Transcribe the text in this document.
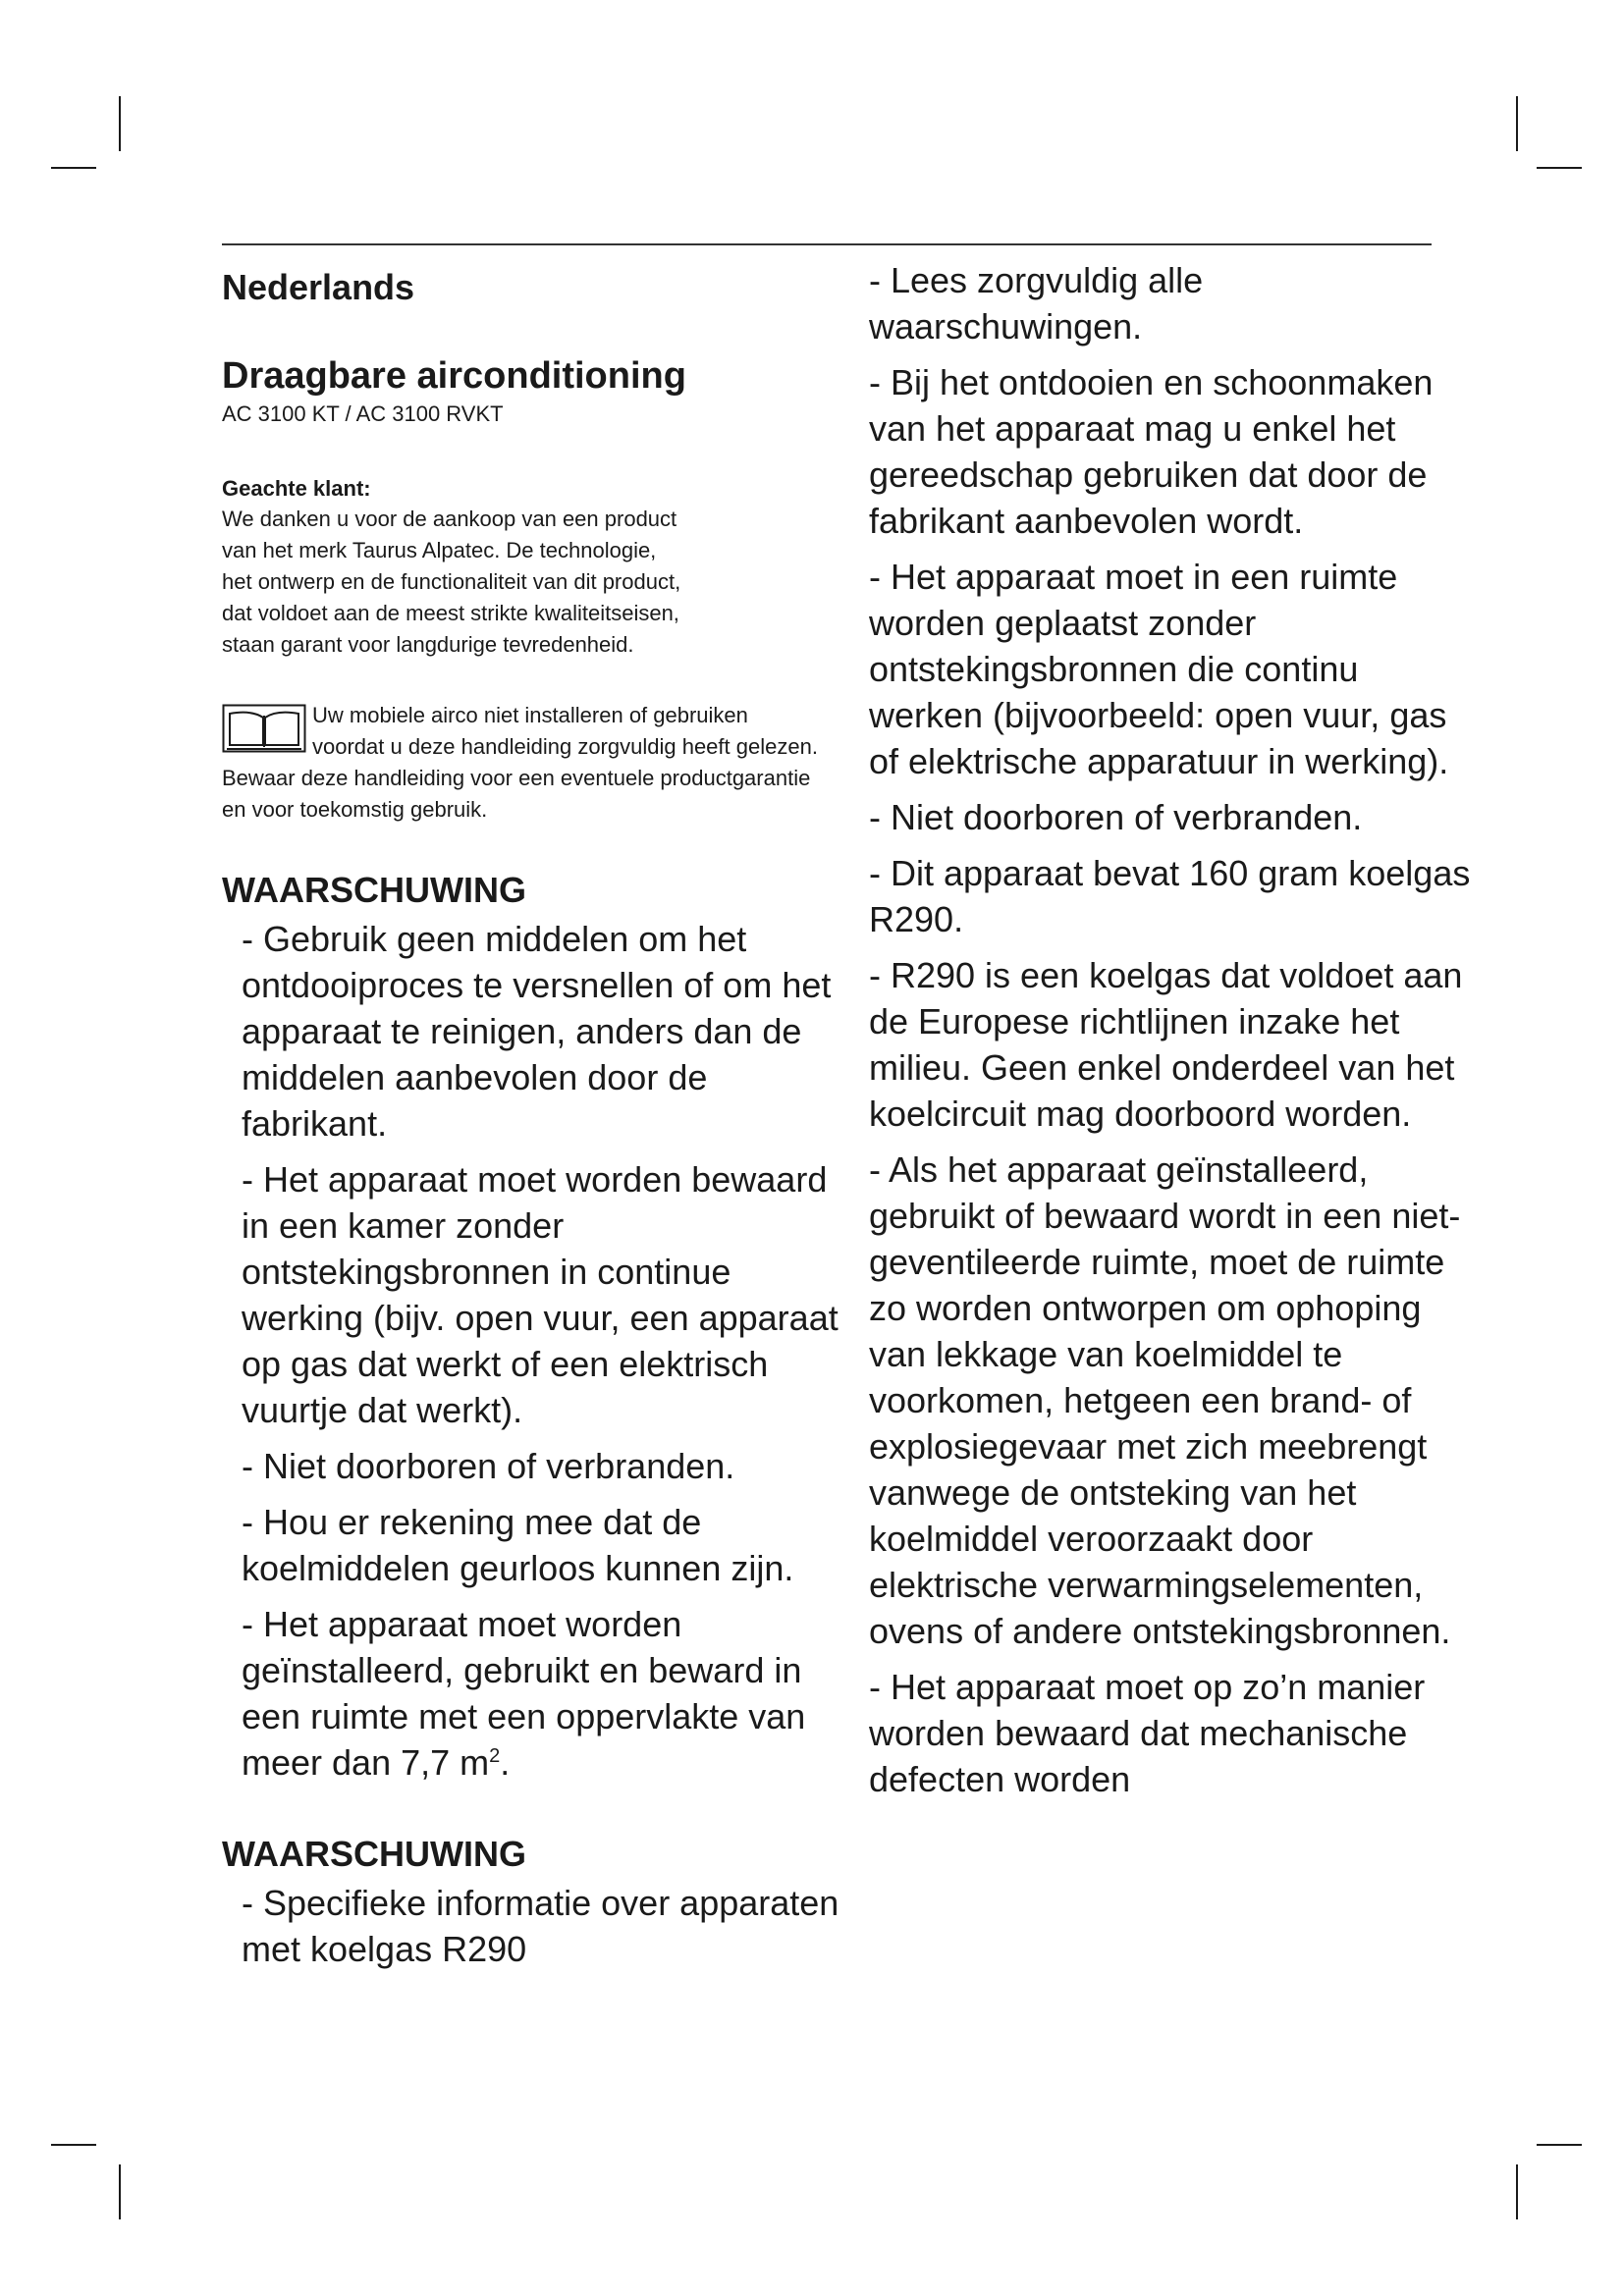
Nederlands
Draagbare airconditioning

AC 3100 KT / AC 3100 RVKT

Geachte klant:

We danken u voor de aankoop van een product
van het merk Taurus Alpatec. De technologie,
het ontwerp en de functionaliteit van dit product,
dat voldoet aan de meest strikte kwaliteitseisen,
staan garant voor langdurige tevredenheid.
Uw mobiele airco niet installeren of gebruiken voordat u deze handleiding zorgvuldig heeft gelezen. Bewaar deze handleiding voor een eventuele productgarantie en voor toekomstig gebruik.
WAARSCHUWING

- Gebruik geen middelen om het ontdooiproces te versnellen of om het apparaat te reinigen, anders dan de middelen aanbevolen door de fabrikant.

- Het apparaat moet worden bewaard in een kamer zonder ontstekingsbronnen in continue werking (bijv. open vuur, een apparaat op gas dat werkt of een elektrisch vuurtje dat werkt).

- Niet doorboren of verbranden.

- Hou er rekening mee dat de koelmiddelen geurloos kunnen zijn.

- Het apparaat moet worden geïnstalleerd, gebruikt en beward in een ruimte met een oppervlakte van meer dan 7,7 $m^2$.

WAARSCHUWING

- Specifieke informatie over apparaten met koelgas R290

- Lees zorgvuldig alle waarschuwingen.

- Bij het ontdooien en schoonmaken van het apparaat mag u enkel het gereedschap gebruiken dat door de fabrikant aanbevolen wordt.

- Het apparaat moet in een ruimte worden geplaatst zonder ontstekingsbronnen die continu werken (bijvoorbeeld: open vuur, gas of elektrische apparatuur in werking).

- Niet doorboren of verbranden.

- Dit apparaat bevat 160 gram koelgas R290.

- R290 is een koelgas dat voldoet aan de Europese richtlijnen inzake het milieu. Geen enkel onderdeel van het koelcircuit mag doorboord worden.

- Als het apparaat geïnstalleerd, gebruikt of bewaard wordt in een niet-geventileerde ruimte, moet de ruimte zo worden ontworpen om ophoping van lekkage van koelmiddel te voorkomen, hetgeen een brand- of explosiegevaar met zich meebrengt vanwege de ontsteking van het koelmiddel veroorzaakt door elektrische verwarmingselementen, ovens of andere ontstekingsbronnen.

- Het apparaat moet op zo’n manier worden bewaard dat mechanische defecten worden
